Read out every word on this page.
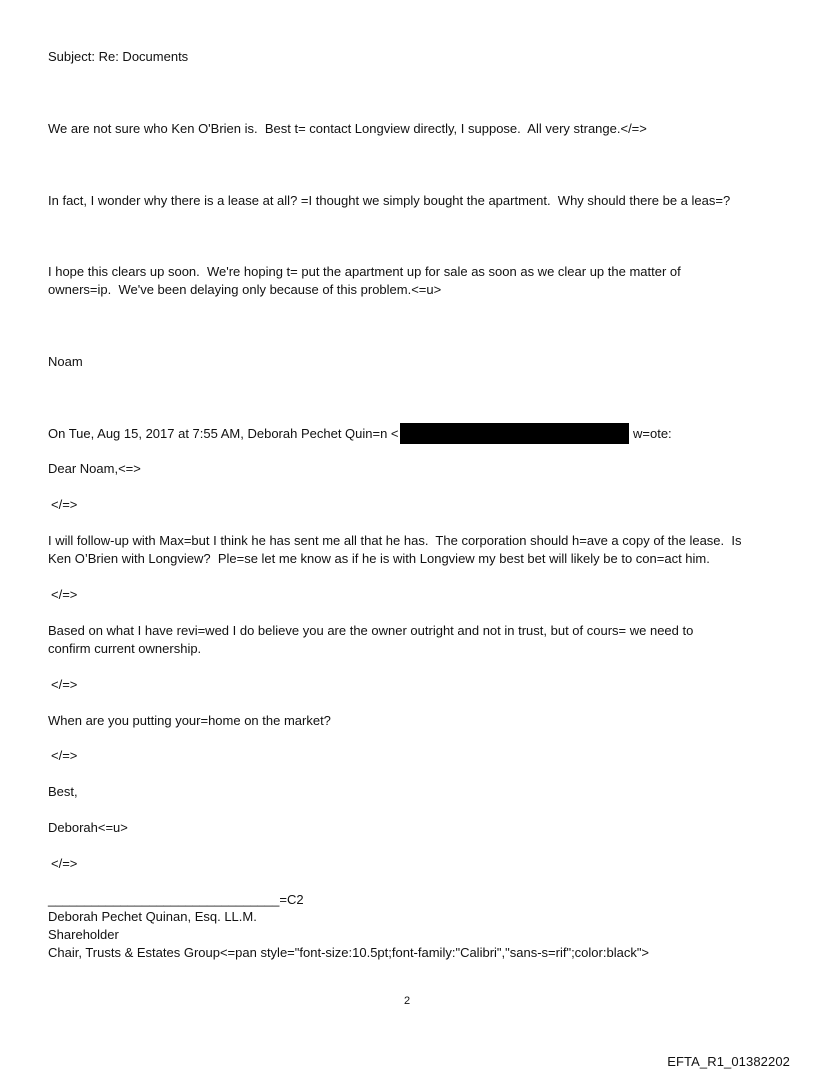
Subject: Re: Documents
We are not sure who Ken O'Brien is.  Best t= contact Longview directly, I suppose.  All very strange.</=>
In fact, I wonder why there is a lease at all? =I thought we simply bought the apartment.  Why should there be a leas=?
I hope this clears up soon.  We're hoping t= put the apartment up for sale as soon as we clear up the matter of
owners=ip.  We've been delaying only because of this problem.<=u>
Noam
On Tue, Aug 15, 2017 at 7:55 AM, Deborah Pechet Quin=n <	w=ote:
Dear Noam,<=>
</=>
I will follow-up with Max=but I think he has sent me all that he has.  The corporation should h=ave a copy of the lease.  Is
Ken O’Brien with Longview?  Ple=se let me know as if he is with Longview my best bet will likely be to con=act him.
</=>
Based on what I have revi=wed I do believe you are the owner outright and not in trust, but of cours= we need to
confirm current ownership.
</=>
When are you putting your=home on the market?
</=>
Best,
Deborah<=u>
</=>
________________________________=C2
Deborah Pechet Quinan, Esq. LL.M.
Shareholder
Chair, Trusts & Estates Group<=pan style="font-size:10.5pt;font-family:"Calibri","sans-s=rif";color:black">
2
EFTA_R1_01382202
